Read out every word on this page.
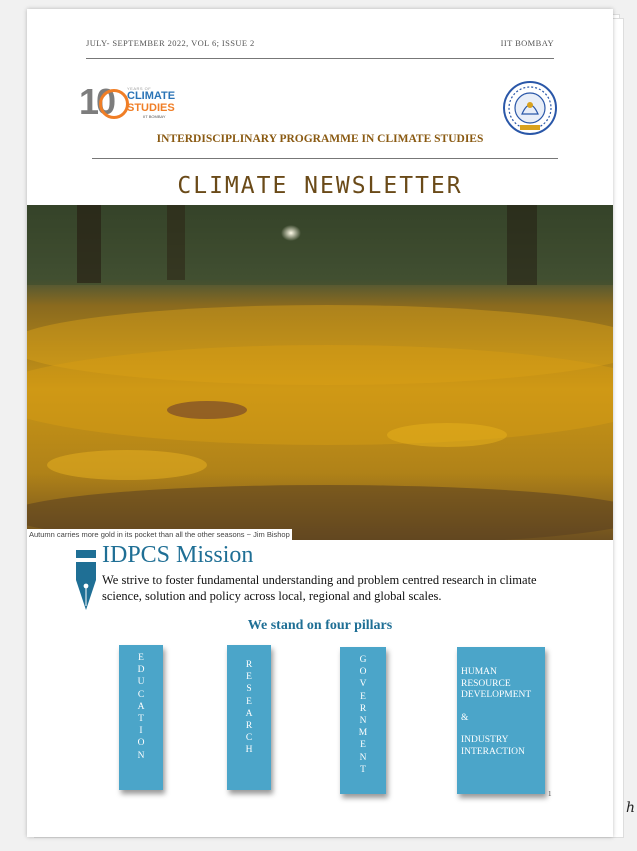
JULY- SEPTEMBER 2022, VOL 6; ISSUE 2	IIT BOMBAY
10	YEARS OF
CLIMATE
STUDIES
IIT BOMBAY
INTERDISCIPLINARY PROGRAMME IN CLIMATE STUDIES
CLIMATE NEWSLETTER
Autumn carries more gold in its pocket than all the other seasons ~ Jim Bishop
IDPCS Mission
We strive to foster fundamental understanding and problem centred research in climate science, solution and policy across local, regional and global scales.
We stand on four pillars
E
D
U
C
A
T
I
O
N
R
E
S
E
A
R
C
H
G
O
V
E
R
N
M
E
N
T
HUMAN
RESOURCE
DEVELOPMENT
&
INDUSTRY
INTERACTION
1
ℎ
